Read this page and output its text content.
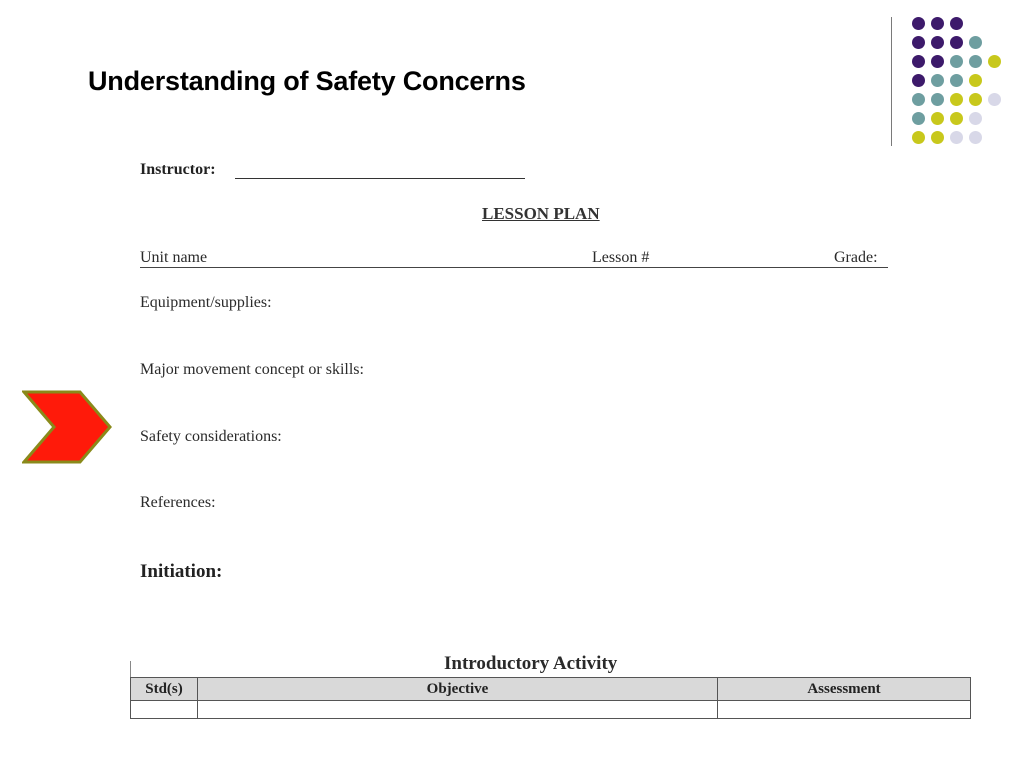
Understanding of Safety Concerns
Instructor:
LESSON PLAN
Unit name	Lesson #	Grade:
Equipment/supplies:
Major movement concept or skills:
Safety considerations:
References:
Initiation:
Introductory Activity
Std(s)	Objective	Assessment
